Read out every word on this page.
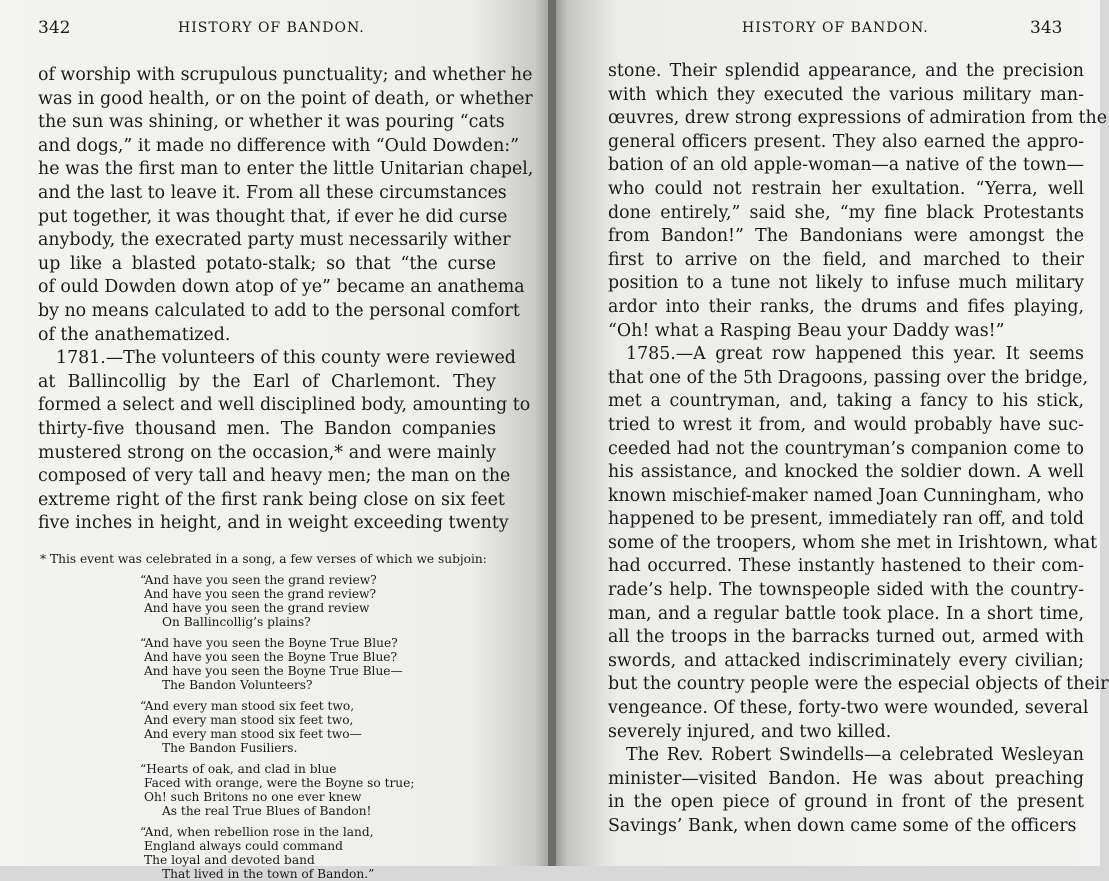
342	HISTORY OF BANDON.
of worship with scrupulous punctuality; and whether he
was in good health, or on the point of death, or whether
the sun was shining, or whether it was pouring “cats
and dogs,” it made no difference with “Ould Dowden:”
he was the first man to enter the little Unitarian chapel,
and the last to leave it. From all these circumstances
put together, it was thought that, if ever he did curse
anybody, the execrated party must necessarily wither
up like a blasted potato-stalk; so that “the curse
of ould Dowden down atop of ye” became an anathema
by no means calculated to add to the personal comfort
of the anathematized.
1781.—The volunteers of this county were reviewed
at Ballincollig by the Earl of Charlemont. They
formed a select and well disciplined body, amounting to
thirty-five thousand men. The Bandon companies
mustered strong on the occasion,* and were mainly
composed of very tall and heavy men; the man on the
extreme right of the first rank being close on six feet
five inches in height, and in weight exceeding twenty
* This event was celebrated in a song, a few verses of which we subjoin:
“And have you seen the grand review?
And have you seen the grand review?
And have you seen the grand review
On Ballincollig’s plains?
“And have you seen the Boyne True Blue?
And have you seen the Boyne True Blue?
And have you seen the Boyne True Blue—
The Bandon Volunteers?
“And every man stood six feet two,
And every man stood six feet two,
And every man stood six feet two—
The Bandon Fusiliers.
“Hearts of oak, and clad in blue
Faced with orange, were the Boyne so true;
Oh! such Britons no one ever knew
As the real True Blues of Bandon!
“And, when rebellion rose in the land,
England always could command
The loyal and devoted band
That lived in the town of Bandon.”
HISTORY OF BANDON.	343
stone. Their splendid appearance, and the precision
with which they executed the various military man-
œuvres, drew strong expressions of admiration from the
general officers present. They also earned the appro-
bation of an old apple-woman—a native of the town—
who could not restrain her exultation. “Yerra, well
done entirely,” said she, “my fine black Protestants
from Bandon!” The Bandonians were amongst the
first to arrive on the field, and marched to their
position to a tune not likely to infuse much military
ardor into their ranks, the drums and fifes playing,
“Oh! what a Rasping Beau your Daddy was!”
1785.—A great row happened this year. It seems
that one of the 5th Dragoons, passing over the bridge,
met a countryman, and, taking a fancy to his stick,
tried to wrest it from, and would probably have suc-
ceeded had not the countryman’s companion come to
his assistance, and knocked the soldier down. A well
known mischief-maker named Joan Cunningham, who
happened to be present, immediately ran off, and told
some of the troopers, whom she met in Irishtown, what
had occurred. These instantly hastened to their com-
rade’s help. The townspeople sided with the country-
man, and a regular battle took place. In a short time,
all the troops in the barracks turned out, armed with
swords, and attacked indiscriminately every civilian;
but the country people were the especial objects of their
vengeance. Of these, forty-two were wounded, several
severely injured, and two killed.
The Rev. Robert Swindells—a celebrated Wesleyan
minister—visited Bandon. He was about preaching
in the open piece of ground in front of the present
Savings’ Bank, when down came some of the officers
